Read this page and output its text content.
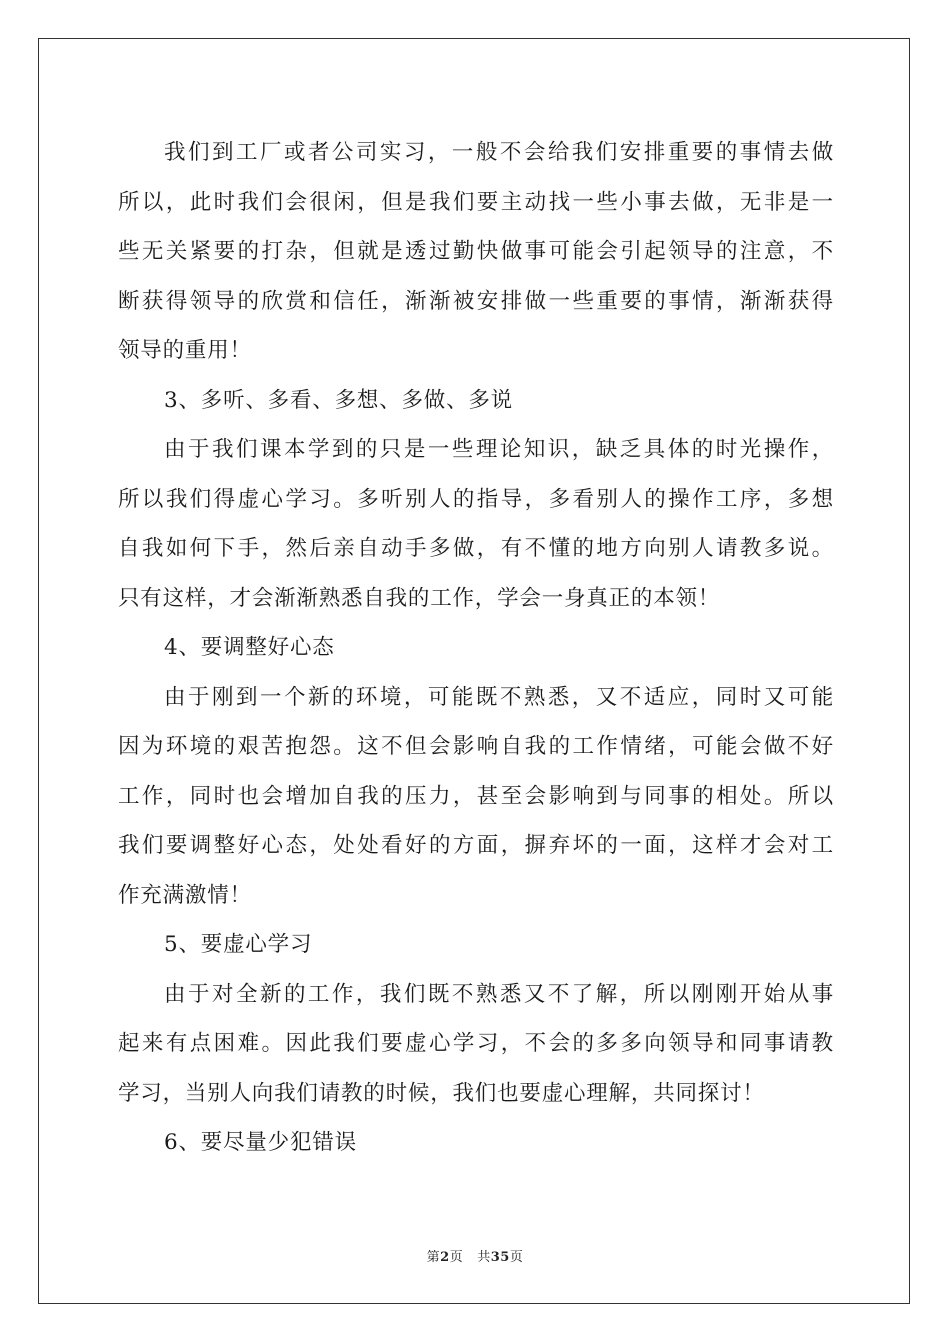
我们到工厂或者公司实习，一般不会给我们安排重要的事情去做
所以，此时我们会很闲，但是我们要主动找一些小事去做，无非是一
些无关紧要的打杂，但就是透过勤快做事可能会引起领导的注意，不
断获得领导的欣赏和信任，渐渐被安排做一些重要的事情，渐渐获得
领导的重用！
3、多听、多看、多想、多做、多说
由于我们课本学到的只是一些理论知识，缺乏具体的时光操作，
所以我们得虚心学习。多听别人的指导，多看别人的操作工序，多想
自我如何下手，然后亲自动手多做，有不懂的地方向别人请教多说。
只有这样，才会渐渐熟悉自我的工作，学会一身真正的本领！
4、要调整好心态
由于刚到一个新的环境，可能既不熟悉，又不适应，同时又可能
因为环境的艰苦抱怨。这不但会影响自我的工作情绪，可能会做不好
工作，同时也会增加自我的压力，甚至会影响到与同事的相处。所以
我们要调整好心态，处处看好的方面，摒弃坏的一面，这样才会对工
作充满激情！
5、要虚心学习
由于对全新的工作，我们既不熟悉又不了解，所以刚刚开始从事
起来有点困难。因此我们要虚心学习，不会的多多向领导和同事请教
学习，当别人向我们请教的时候，我们也要虚心理解，共同探讨！
6、要尽量少犯错误
第2页 共35页
